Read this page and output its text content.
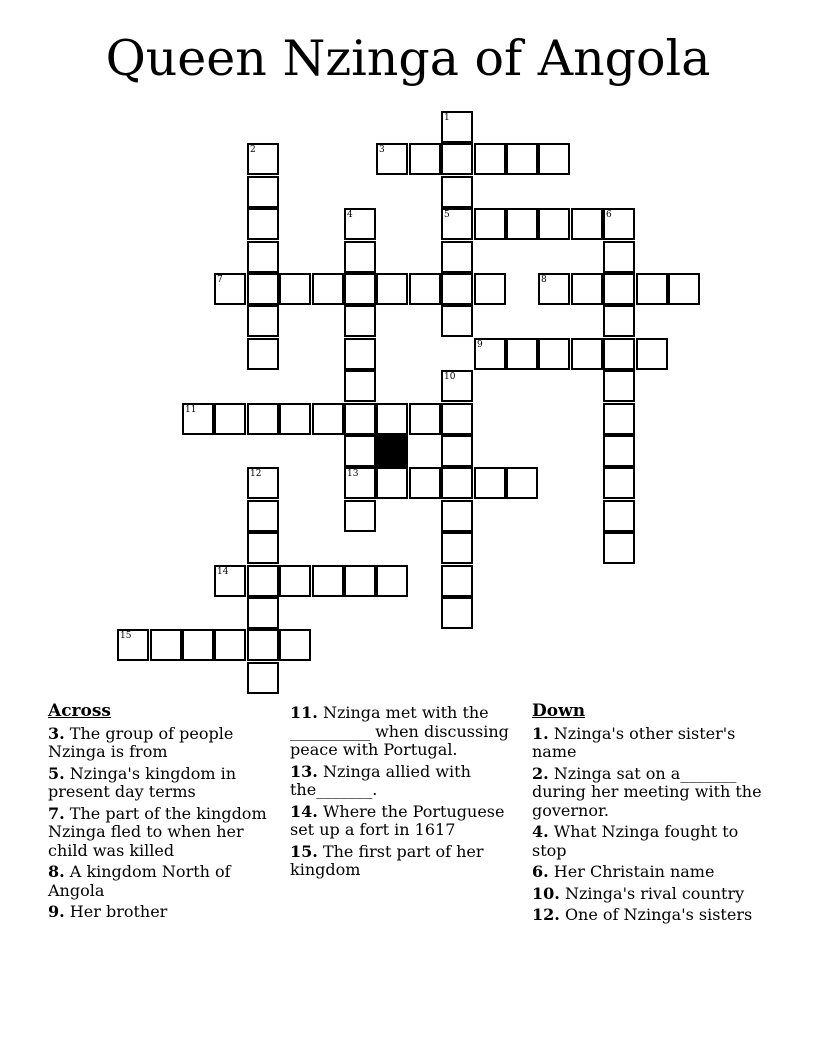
Queen Nzinga of Angola
1
2	3
4	5	6
7	8
9
10
11
12	13
14
15
Across
3. The group of people Nzinga is from
5. Nzinga's kingdom in present day terms
7. The part of the kingdom Nzinga fled to when her child was killed
8. A kingdom North of Angola
9. Her brother
11. Nzinga met with the __________ when discussing peace with Portugal.
13. Nzinga allied with the_______.
14. Where the Portuguese set up a fort in 1617
15. The first part of her kingdom
Down
1. Nzinga's other sister's name
2. Nzinga sat on a_______ during her meeting with the governor.
4. What Nzinga fought to stop
6. Her Christain name
10. Nzinga's rival country
12. One of Nzinga's sisters
